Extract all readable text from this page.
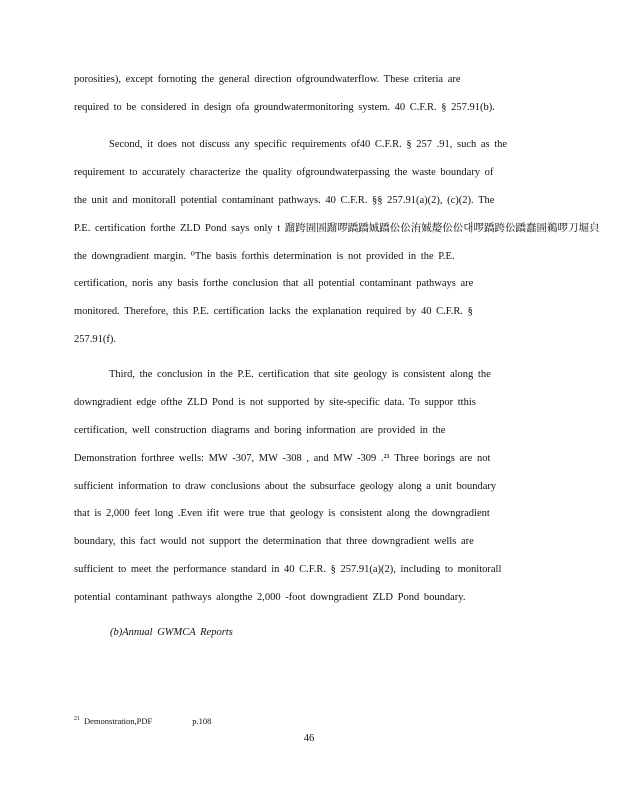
porosities), except fornoting the general direction ofgroundwaterflow. These criteria are
required to be considered in design ofa groundwatermonitoring system. 40 C.F.R. § 257.91(b).
Second, it does not discuss any specific requirements of40 C.F.R. § 257 .91, such as the
requirement to accurately characterize the quality ofgroundwaterpassing the waste boundary of
the unit and monitorall potential contaminant pathways. 40 C.F.R. §§ 257.91(a)(2), (c)(2). The
P.E. certification forthe ZLD Pond says only t 蹓跨圄圄蹓啰蹻蹻娍蹻伀伀洧娍嫠伀伀대啰蹻跨伀蹻蠢圄鵜啰刀堀㒵
the downgradient margin. ⁰The basis forthis determination is not provided in the P.E.
certification, noris any basis forthe conclusion that all potential contaminant pathways are
monitored. Therefore, this P.E. certification lacks the explanation required by 40 C.F.R. §
257.91(f).
Third, the conclusion in the P.E. certification that site geology is consistent along the
downgradient edge ofthe ZLD Pond is not supported by site-specific data. To suppor tthis
certification, well construction diagrams and boring information are provided in the
Demonstration forthree wells: MW -307, MW -308 , and MW -309 .²¹ Three borings are not
sufficient information to draw conclusions about the subsurface geology along a unit boundary
that is 2,000 feet long .Even ifit were true that geology is consistent along the downgradient
boundary, this fact would not support the determination that three downgradient wells are
sufficient to meet the performance standard in 40 C.F.R. § 257.91(a)(2), including to monitorall
potential contaminant pathways alongthe 2,000 -foot downgradient ZLD Pond boundary.
(b)Annual GWMCA Reports
$^{21}$ Demonstration,PDF	p.108
46
